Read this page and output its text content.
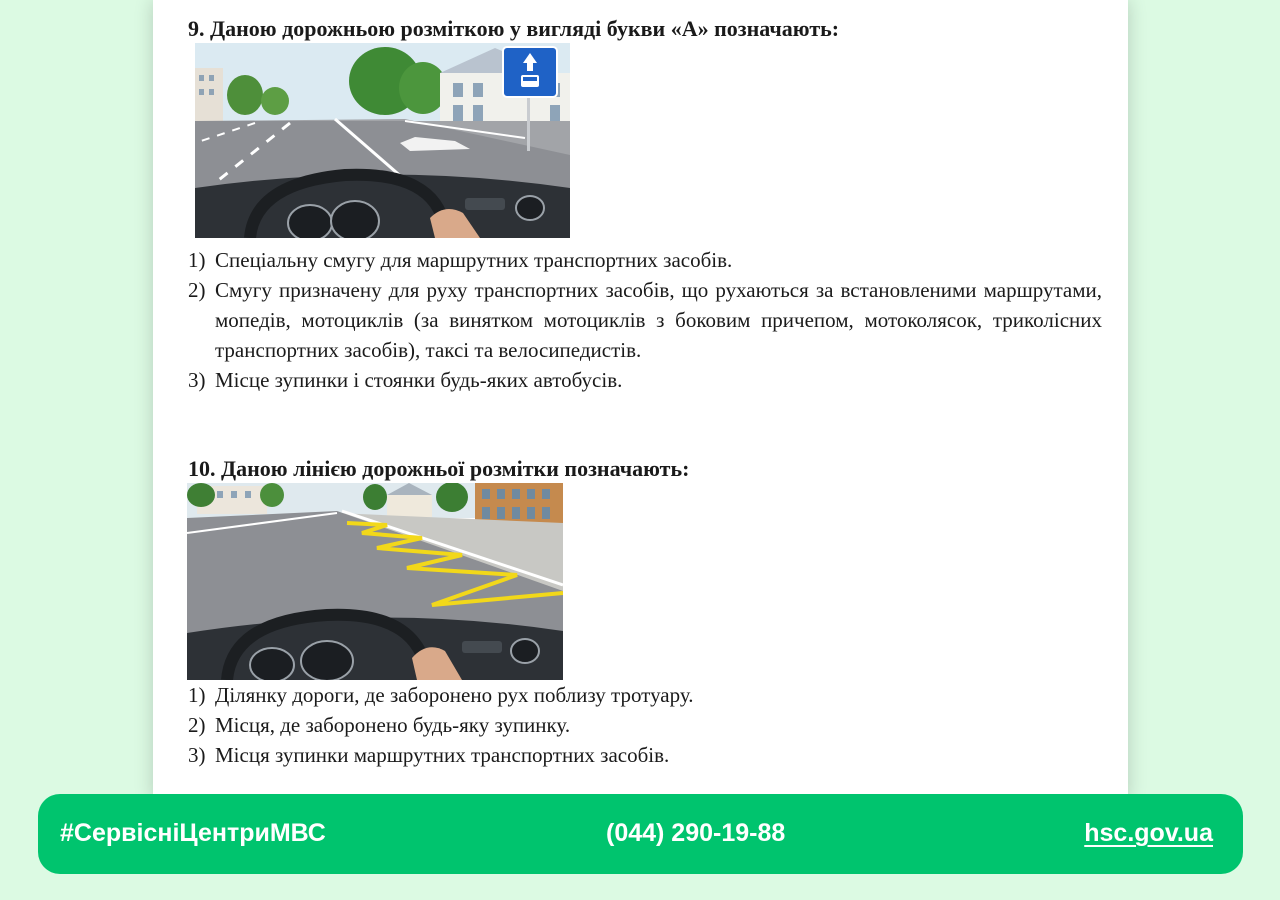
9. Даною дорожньою розміткою у вигляді букви «А» позначають:
1) Спеціальну смугу для маршрутних транспортних засобів.
2) Смугу призначену для руху транспортних засобів, що рухаються за встановленими маршрутами, мопедів, мотоциклів (за винятком мотоциклів з боковим причепом, мотоколясок, триколісних транспортних засобів), таксі та велосипедистів.
3) Місце зупинки і стоянки будь-яких автобусів.
10. Даною лінією дорожньої розмітки позначають:
1) Ділянку дороги, де заборонено рух поблизу тротуару.
2) Місця, де заборонено будь-яку зупинку.
3) Місця зупинки маршрутних транспортних засобів.
#СервісніЦентриМВС	(044) 290-19-88	hsc.gov.ua
